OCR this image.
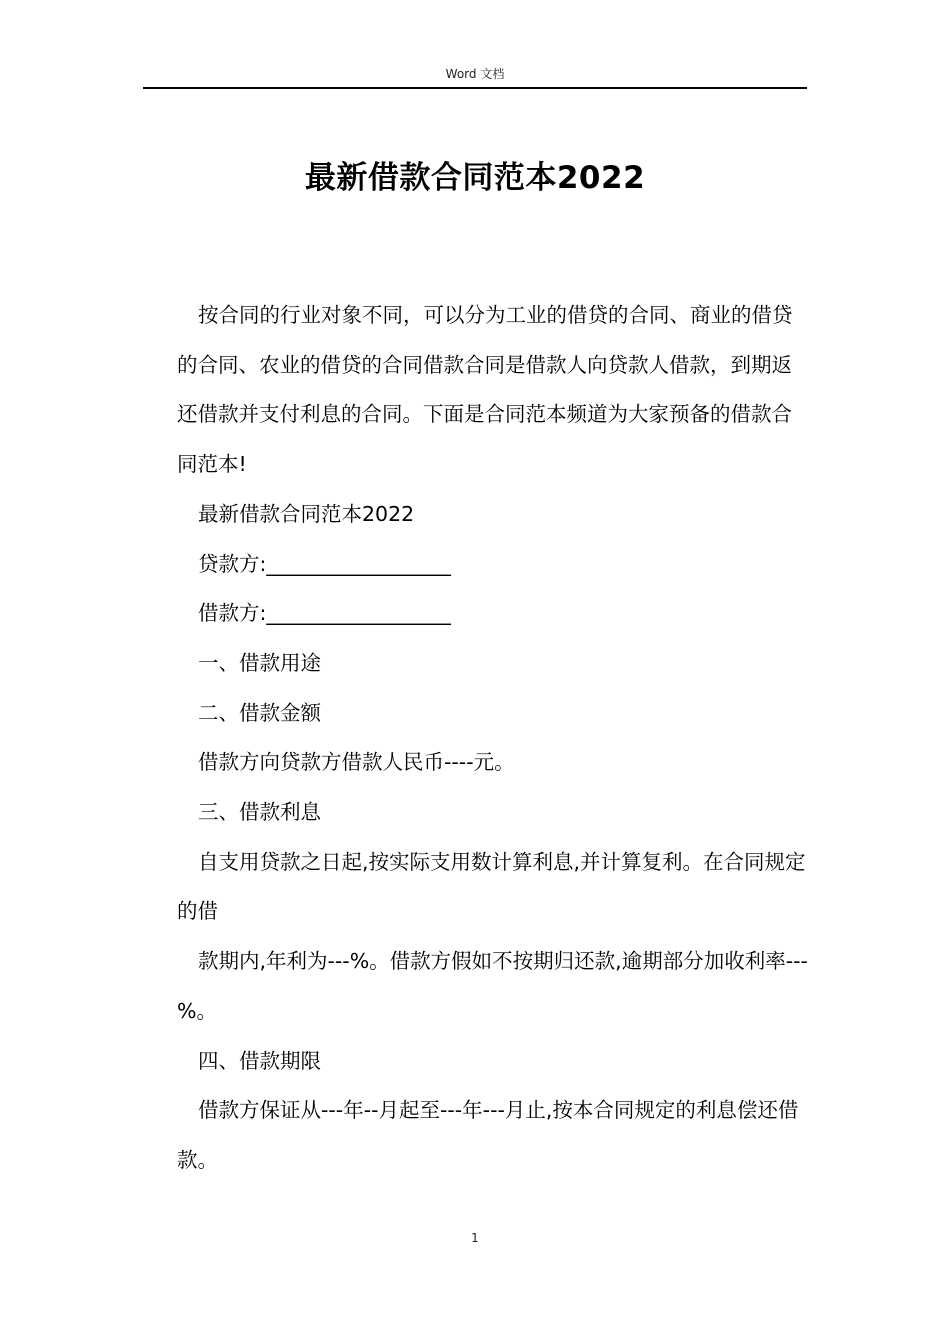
Word 文档
最新借款合同范本2022

按合同的行业对象不同，可以分为工业的借贷的合同、商业的借贷的合同、农业的借贷的合同借款合同是借款人向贷款人借款，到期返还借款并支付利息的合同。下面是合同范本频道为大家预备的借款合同范本!

最新借款合同范本2022

贷款方:__________________

借款方:__________________

一、借款用途

二、借款金额

借款方向贷款方借款人民币----元。

三、借款利息

自支用贷款之日起,按实际支用数计算利息,并计算复利。在合同规定的借

款期内,年利为---%。借款方假如不按期归还款,逾期部分加收利率---%。

四、借款期限

借款方保证从---年--月起至---年---月止,按本合同规定的利息偿还借款。

1
